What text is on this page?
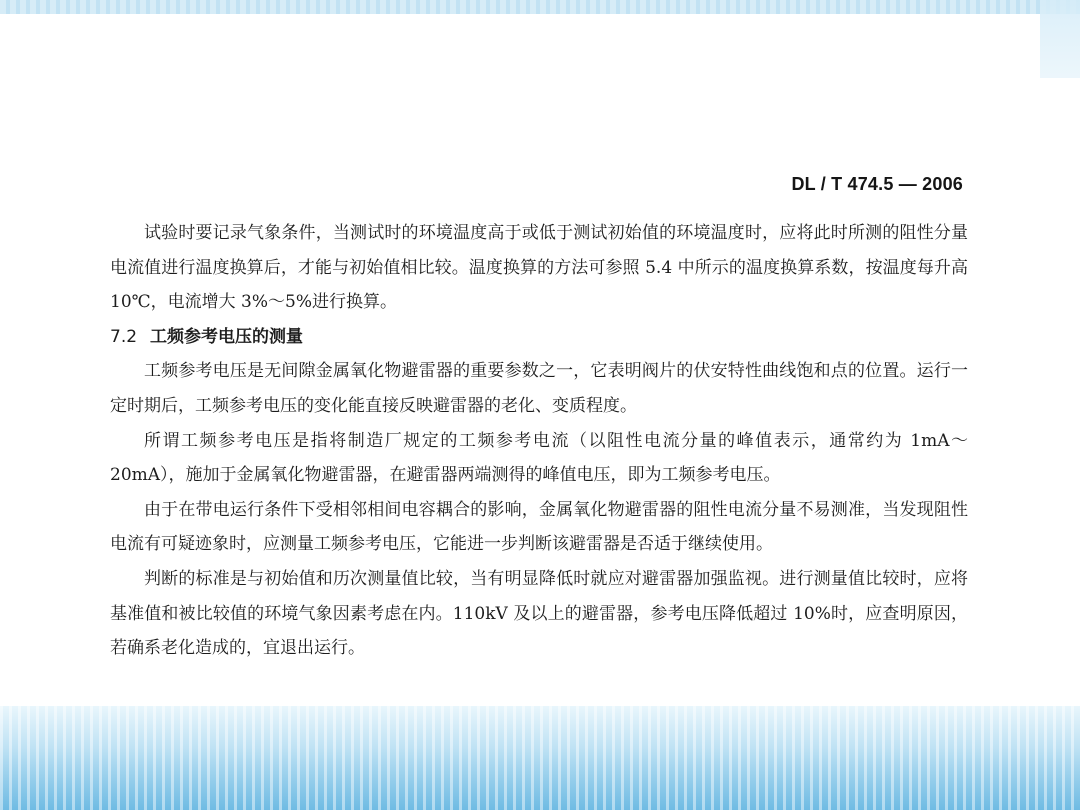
DL / T 474.5 — 2006

试验时要记录气象条件，当测试时的环境温度高于或低于测试初始值的环境温度时，应将此时所测的阻性分量电流值进行温度换算后，才能与初始值相比较。温度换算的方法可参照 5.4 中所示的温度换算系数，按温度每升高 10℃，电流增大 3%～5%进行换算。

7.2 工频参考电压的测量

工频参考电压是无间隙金属氧化物避雷器的重要参数之一，它表明阀片的伏安特性曲线饱和点的位置。运行一定时期后，工频参考电压的变化能直接反映避雷器的老化、变质程度。

所谓工频参考电压是指将制造厂规定的工频参考电流（以阻性电流分量的峰值表示，通常约为 1mA～20mA），施加于金属氧化物避雷器，在避雷器两端测得的峰值电压，即为工频参考电压。

由于在带电运行条件下受相邻相间电容耦合的影响，金属氧化物避雷器的阻性电流分量不易测准，当发现阻性电流有可疑迹象时，应测量工频参考电压，它能进一步判断该避雷器是否适于继续使用。

判断的标准是与初始值和历次测量值比较，当有明显降低时就应对避雷器加强监视。进行测量值比较时，应将基准值和被比较值的环境气象因素考虑在内。110kV 及以上的避雷器，参考电压降低超过 10%时，应查明原因，若确系老化造成的，宜退出运行。
